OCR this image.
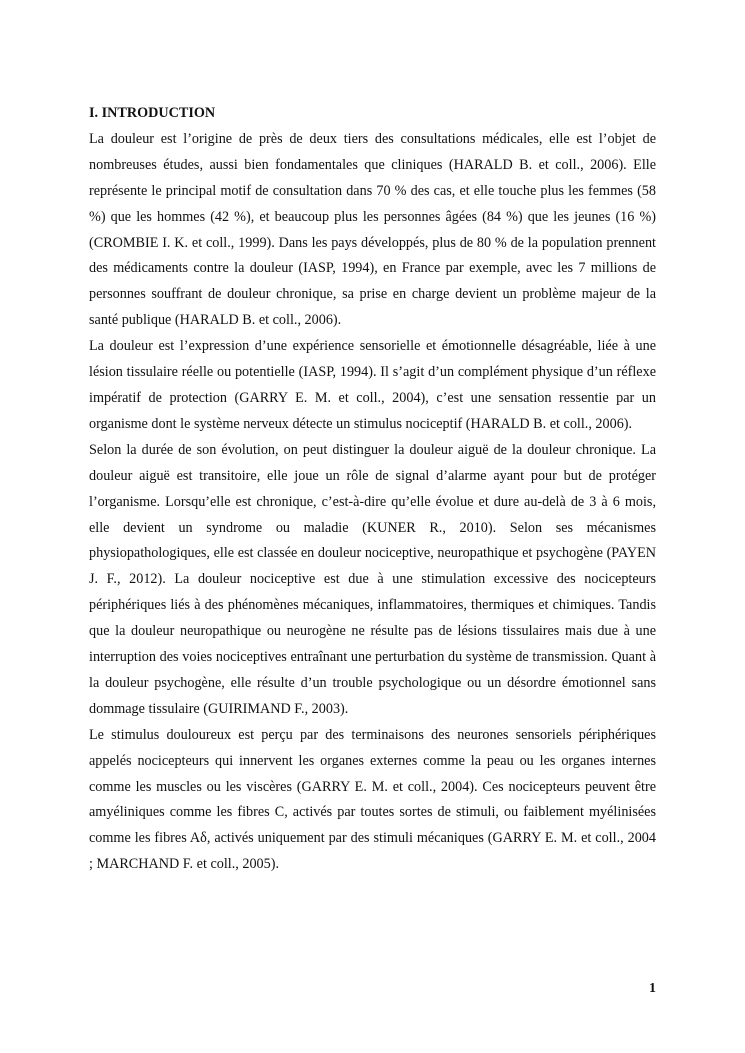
I. INTRODUCTION

La douleur est l’origine de près de deux tiers des consultations médicales, elle est l’objet de nombreuses études, aussi bien fondamentales que cliniques (HARALD B. et coll., 2006). Elle représente le principal motif de consultation dans 70 % des cas, et elle touche plus les femmes (58 %) que les hommes (42 %), et beaucoup plus les personnes âgées (84 %) que les jeunes (16 %) (CROMBIE I. K. et coll., 1999). Dans les pays développés, plus de 80 % de la population prennent des médicaments contre la douleur (IASP, 1994), en France par exemple, avec les 7 millions de personnes souffrant de douleur chronique, sa prise en charge devient un problème majeur de la santé publique (HARALD B. et coll., 2006).

La douleur est l’expression d’une expérience sensorielle et émotionnelle désagréable, liée à une lésion tissulaire réelle ou potentielle (IASP, 1994). Il s’agit d’un complément physique d’un réflexe impératif de protection (GARRY E. M. et coll., 2004), c’est une sensation ressentie par un organisme dont le système nerveux détecte un stimulus nociceptif (HARALD B. et coll., 2006).

Selon la durée de son évolution, on peut distinguer la douleur aiguë de la douleur chronique. La douleur aiguë est transitoire, elle joue un rôle de signal d’alarme ayant pour but de protéger l’organisme. Lorsqu’elle est chronique, c’est-à-dire qu’elle évolue et dure au-delà de 3 à 6 mois, elle devient un syndrome ou maladie (KUNER R., 2010). Selon ses mécanismes physiopathologiques, elle est classée en douleur nociceptive, neuropathique et psychogène (PAYEN J. F., 2012). La douleur nociceptive est due à une stimulation excessive des nocicepteurs périphériques liés à des phénomènes mécaniques, inflammatoires, thermiques et chimiques. Tandis que la douleur neuropathique ou neurogène ne résulte pas de lésions tissulaires mais due à une interruption des voies nociceptives entraînant une perturbation du système de transmission. Quant à la douleur psychogène, elle résulte d’un trouble psychologique ou un désordre émotionnel sans dommage tissulaire (GUIRIMAND F., 2003).

Le stimulus douloureux est perçu par des terminaisons des neurones sensoriels périphériques appelés nocicepteurs qui innervent les organes externes comme la peau ou les organes internes comme les muscles ou les viscères (GARRY E. M. et coll., 2004). Ces nocicepteurs peuvent être amyéliniques comme les fibres C, activés par toutes sortes de stimuli, ou faiblement myélinisées comme les fibres Aδ, activés uniquement par des stimuli mécaniques (GARRY E. M. et coll., 2004 ; MARCHAND F. et coll., 2005).

1
